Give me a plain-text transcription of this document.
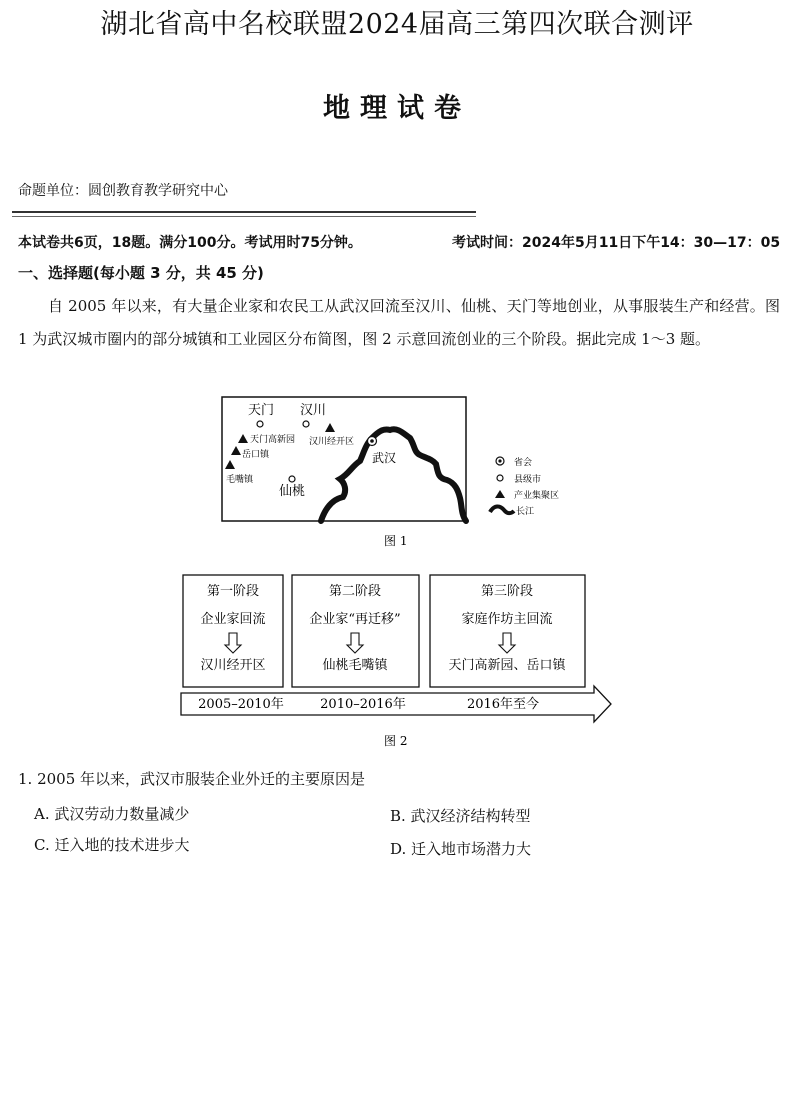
湖北省高中名校联盟2024届高三第四次联合测评
地理试卷
命题单位：圆创教育教学研究中心
本试卷共6页，18题。满分100分。考试用时75分钟。	考试时间：2024年5月11日下午14：30—17：05
一、选择题(每小题 3 分，共 45 分)
自 2005 年以来，有大量企业家和农民工从武汉回流至汉川、仙桃、天门等地创业，从事服装生产和经营。图 1 为武汉城市圈内的部分城镇和工业园区分布简图，图 2 示意回流创业的三个阶段。据此完成 1～3 题。
天门 汉川
天门高新园 汉川经开区
岳口镇	武汉
毛嘴镇
仙桃
省会
县级市
产业集聚区
长江
图 1
第一阶段
企业家回流
汉川经开区
第二阶段
企业家“再迁移”
仙桃毛嘴镇
第三阶段
家庭作坊主回流
天门高新园、岳口镇
2005–2010年	2010–2016年	2016年至今
图 2
1. 2005 年以来，武汉市服装企业外迁的主要原因是
A. 武汉劳动力数量减少	B. 武汉经济结构转型
C. 迁入地的技术进步大	D. 迁入地市场潜力大
